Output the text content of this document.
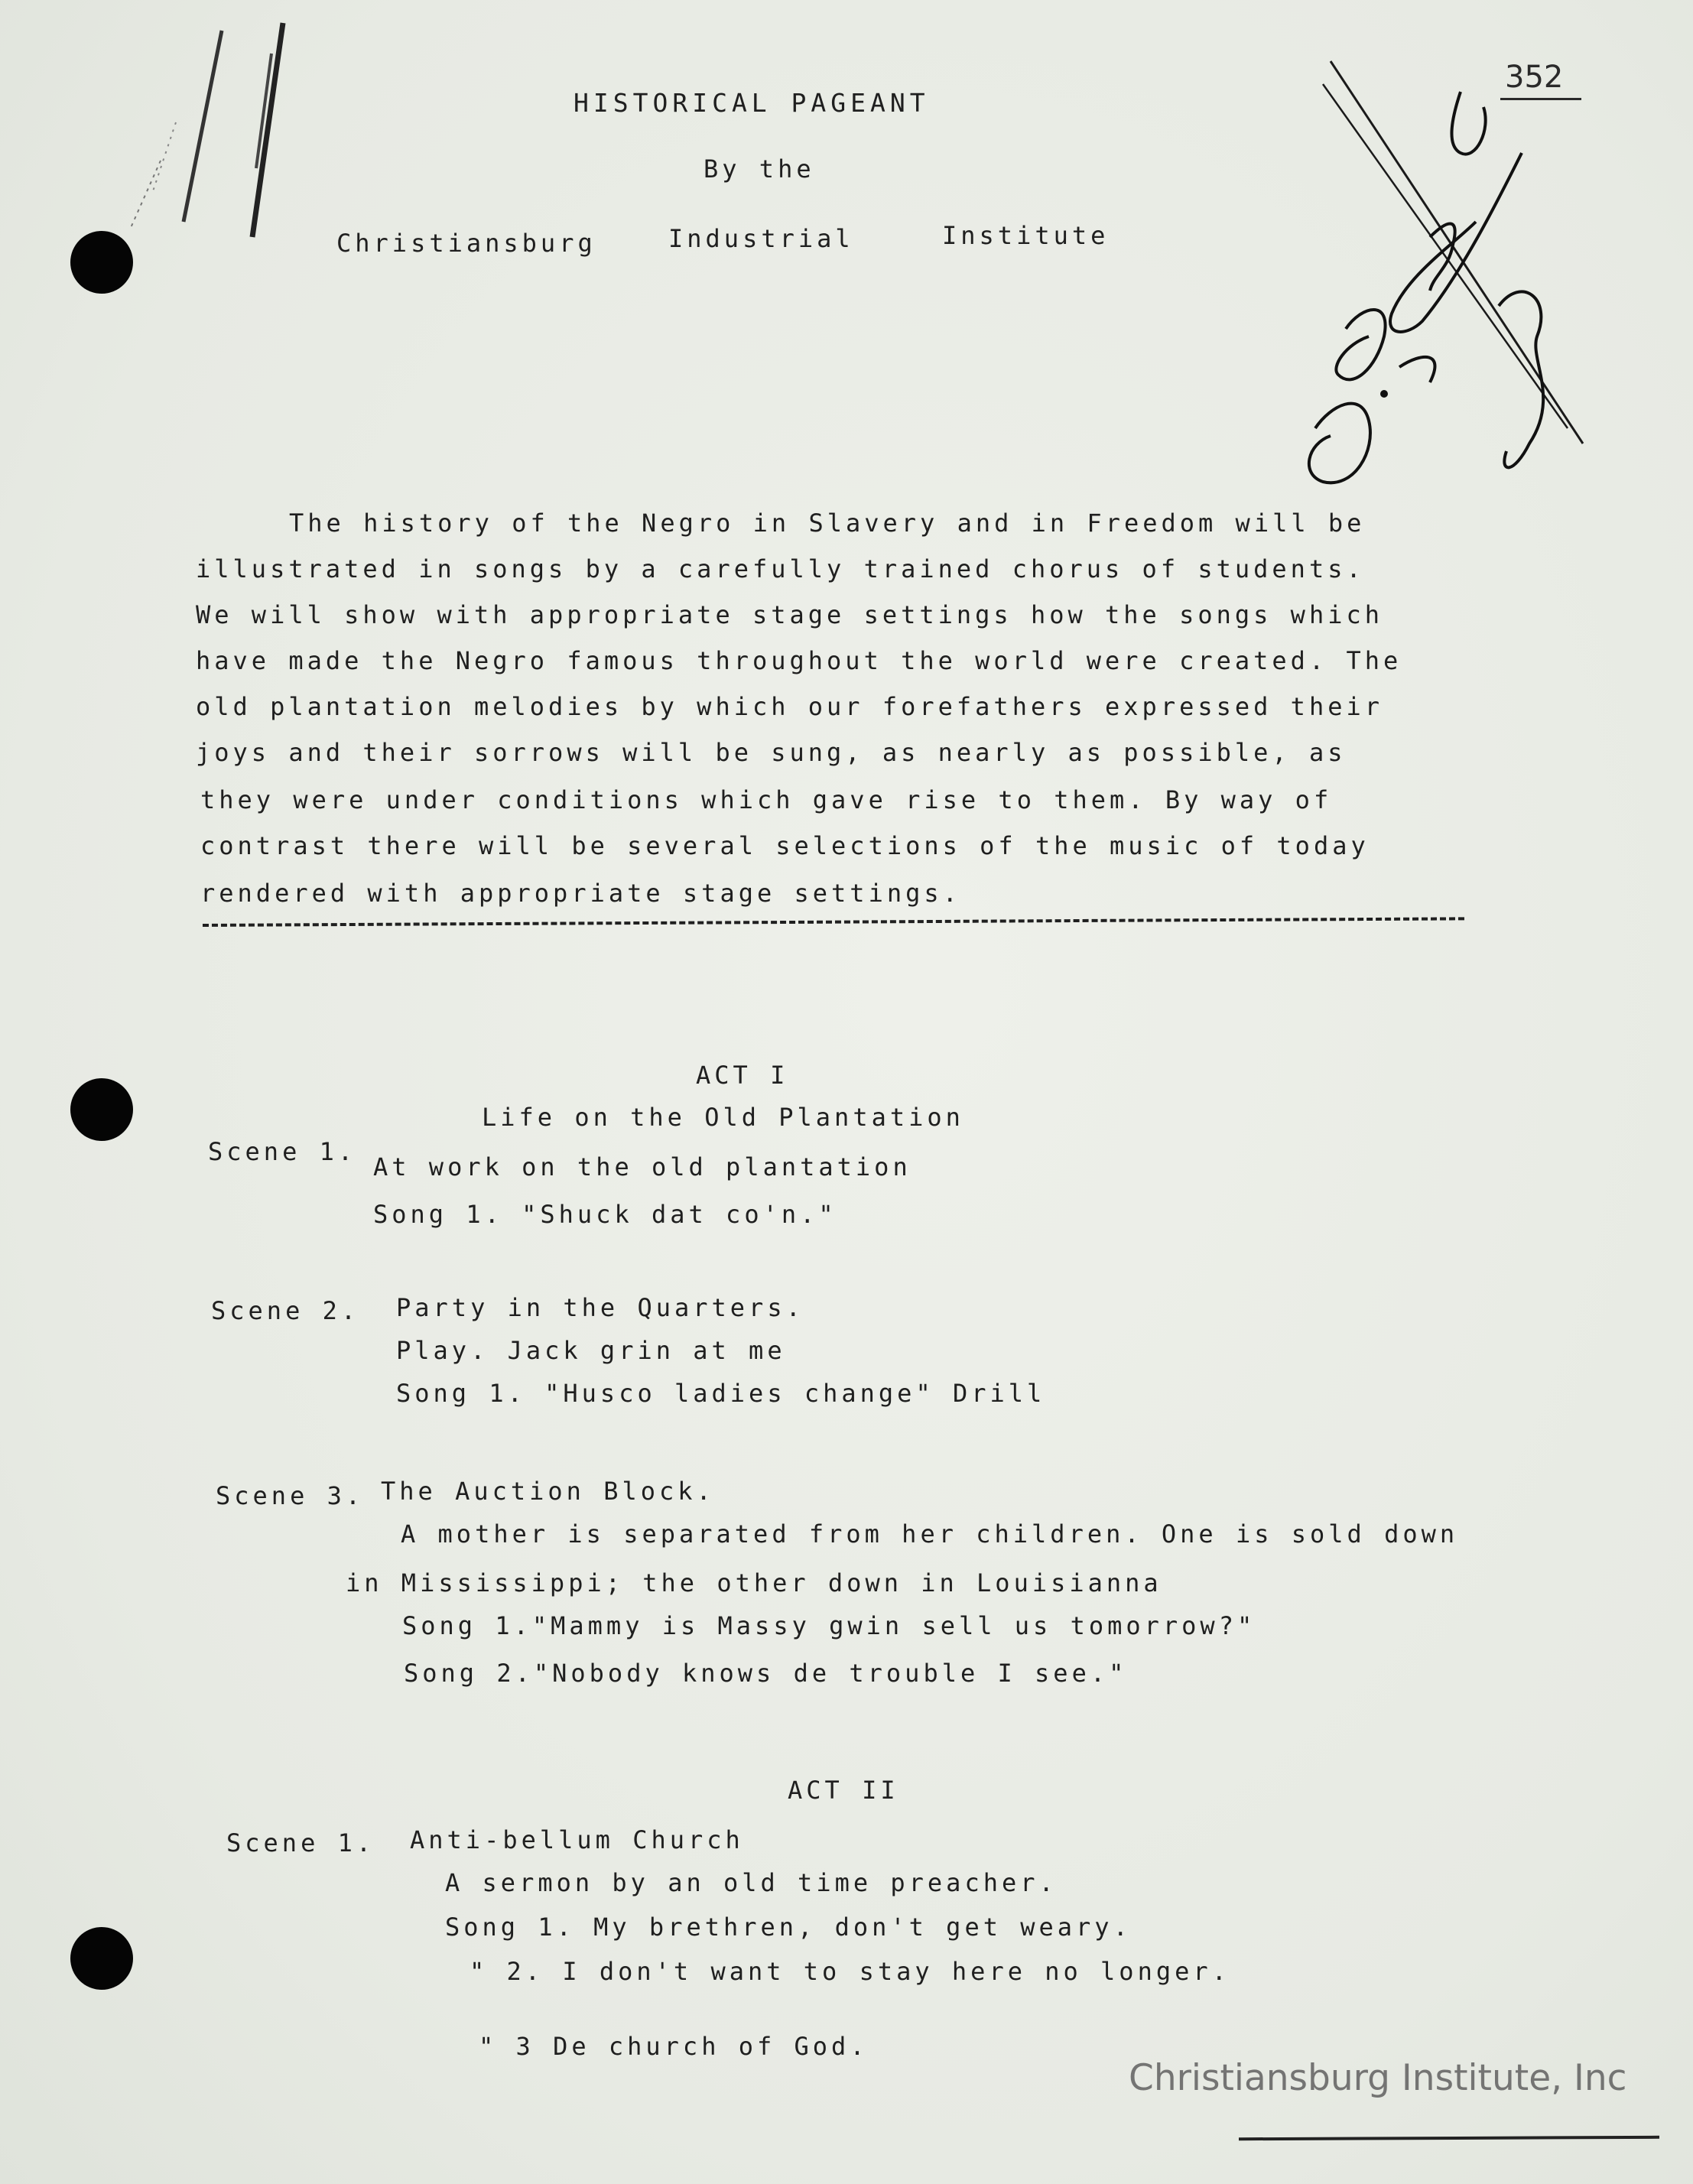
352
HISTORICAL PAGEANT
By the
Christiansburg	Industrial	Institute
The history of the Negro in Slavery and in Freedom will be
illustrated in songs by a carefully trained chorus of students.
We will show with appropriate stage settings how the songs which
have made the Negro famous throughout the world were created. The
old plantation melodies by which our forefathers expressed their
joys and their sorrows will be sung, as nearly as possible, as
they were under conditions which gave rise to them. By way of
contrast there will be several selections of the music of today
rendered with appropriate stage settings.
ACT I
Life on the Old Plantation
Scene 1.
At work on the old plantation
Song 1. "Shuck dat co'n."
Scene 2. Party in the Quarters.
Play. Jack grin at me
Song 1. "Husco ladies change" Drill
Scene 3. The Auction Block.
A mother is separated from her children. One is sold down
in Mississippi; the other down in Louisianna
Song 1."Mammy is Massy gwin sell us tomorrow?"
Song 2."Nobody knows de trouble I see."
ACT II
Scene 1. Anti-bellum Church
A sermon by an old time preacher.
Song 1. My brethren, don't get weary.
" 2. I don't want to stay here no longer.
" 3 De church of God.
Christiansburg Institute, Inc
